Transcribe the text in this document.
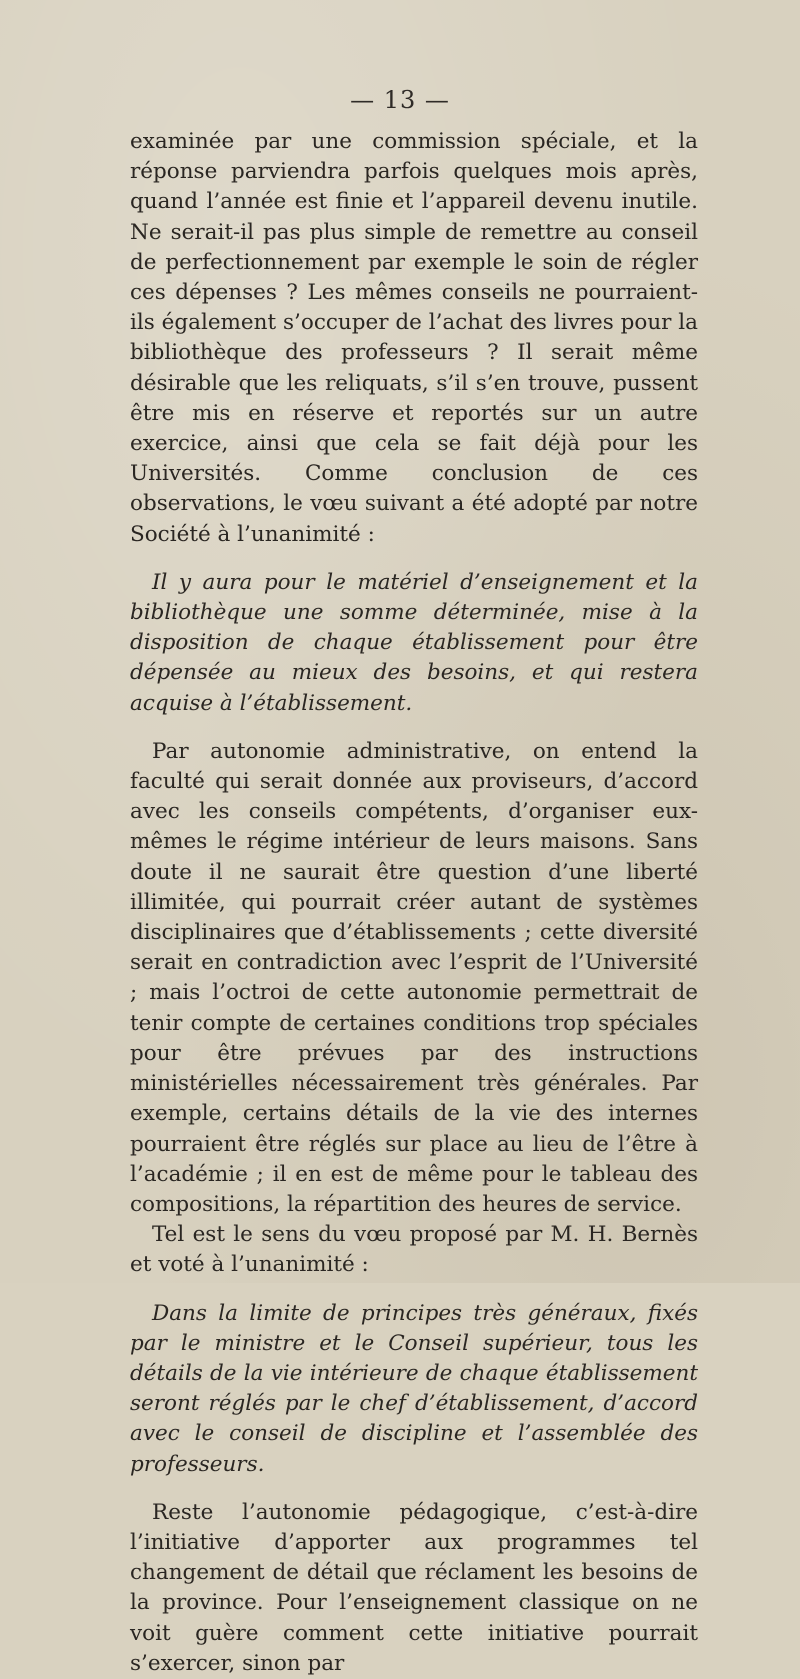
— 13 —

examinée par une commission spéciale, et la réponse parviendra parfois quelques mois après, quand l’année est finie et l’appareil devenu inutile. Ne serait-il pas plus simple de remettre au conseil de perfectionnement par exemple le soin de régler ces dépenses ? Les mêmes conseils ne pourraient-ils également s’occuper de l’achat des livres pour la bibliothèque des professeurs ? Il serait même désirable que les reliquats, s’il s’en trouve, pussent être mis en réserve et reportés sur un autre exercice, ainsi que cela se fait déjà pour les Universités. Comme conclusion de ces observations, le vœu suivant a été adopté par notre Société à l’unanimité :

Il y aura pour le matériel d’enseignement et la bibliothèque une somme déterminée, mise à la disposition de chaque établissement pour être dépensée au mieux des besoins, et qui restera acquise à l’établissement.

Par autonomie administrative, on entend la faculté qui serait donnée aux proviseurs, d’accord avec les conseils compétents, d’organiser eux-mêmes le régime intérieur de leurs maisons. Sans doute il ne saurait être question d’une liberté illimitée, qui pourrait créer autant de systèmes disciplinaires que d’établissements ; cette diversité serait en contradiction avec l’esprit de l’Université ; mais l’octroi de cette autonomie permettrait de tenir compte de certaines conditions trop spéciales pour être prévues par des instructions ministérielles nécessairement très générales. Par exemple, certains détails de la vie des internes pourraient être réglés sur place au lieu de l’être à l’académie ; il en est de même pour le tableau des compositions, la répartition des heures de service.

Tel est le sens du vœu proposé par M. H. Bernès et voté à l’unanimité :

Dans la limite de principes très généraux, fixés par le ministre et le Conseil supérieur, tous les détails de la vie intérieure de chaque établissement seront réglés par le chef d’établissement, d’accord avec le conseil de discipline et l’assemblée des professeurs.

Reste l’autonomie pédagogique, c’est-à-dire l’initiative d’apporter aux programmes tel changement de détail que réclament les besoins de la province. Pour l’enseignement classique on ne voit guère comment cette initiative pourrait s’exercer, sinon par
